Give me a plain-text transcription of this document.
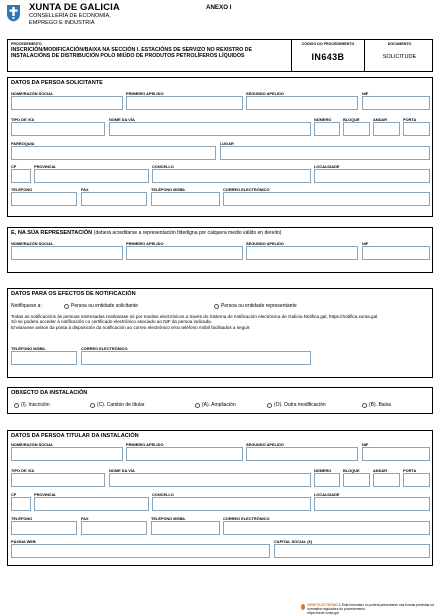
XUNTA DE GALICIA
CONSELLERÍA DE ECONOMÍA,
EMPREGO E INDUSTRIA
ANEXO I
PROCEDEMENTO
INSCRICIÓN/MODIFICACIÓN/BAIXA NA SECCIÓN I. ESTACIÓNS DE SERVIZO NO REXISTRO DE INSTALACIÓNS DE DISTRIBUCIÓN POLO MIÚDO DE PRODUTOS PETROLÍFEROS LÍQUIDOS
CÓDIGO DO PROCEDEMENTO
IN643B
DOCUMENTO
SOLICITUDE
DATOS DA PERSOA SOLICITANTE
NOME/RAZÓN SOCIAL	PRIMEIRO APELIDO	SEGUNDO APELIDO	NIF
TIPO DE VÍA	NOME DA VÍA	NÚMERO	BLOQUE	ANDAR	PORTA
PARROQUIA	LUGAR
CP	PROVINCIA	CONCELLO	LOCALIDADE
TELÉFONO	FAX	TELÉFONO MÓBIL	CORREO ELECTRÓNICO
E, NA SÚA REPRESENTACIÓN (deberá acreditarse a representación fidedigna por calquera medio válido en dereito)
NOME/RAZÓN SOCIAL	PRIMEIRO APELIDO	SEGUNDO APELIDO	NIF
DATOS PARA OS EFECTOS DE NOTIFICACIÓN
Notifíquese a:	Persoa ou entidade solicitante	Persoa ou entidade representante
Todas as notificacións ás persoas interesadas realizarase só por medios electrónicos a través do Sistema de notificación electrónica de Galicia-Notifica.gal, https://notifica.xunta.gal.
Só se poderá acceder á notificación co certificado electrónico asociado ao NIF da persoa indicada.
Enviaranse avisos da posta á disposición da notificación ao correo electrónico e/ou teléfono móbil facilitados a seguir:
TELÉFONO MÓBIL	CORREO ELECTRÓNICO
OBXECTO DA INSTALACIÓN
(I). Inscrición	(C). Cambio de titular	(A). Ampliación	(O). Outra modificación	(B). Baixa
DATOS DA PERSOA TITULAR DA INSTALACIÓN
NOME/RAZÓN SOCIAL	PRIMEIRO APELIDO	SEGUNDO APELIDO	NIF
TIPO DE VÍA	NOME DA VÍA	NÚMERO	BLOQUE	ANDAR	PORTA
CP	PROVINCIA	CONCELLO	LOCALIDADE
TELÉFONO	FAX	TELÉFONO MÓBIL	CORREO ELECTRÓNICO
PÁXINA WEB	CAPITAL SOCIAL (€)
SEDE ELECTRÓNICA Este formulario só poderá presentarse nas formas previstas na normativa reguladora do procedemento
https://sede.xunta.gal
